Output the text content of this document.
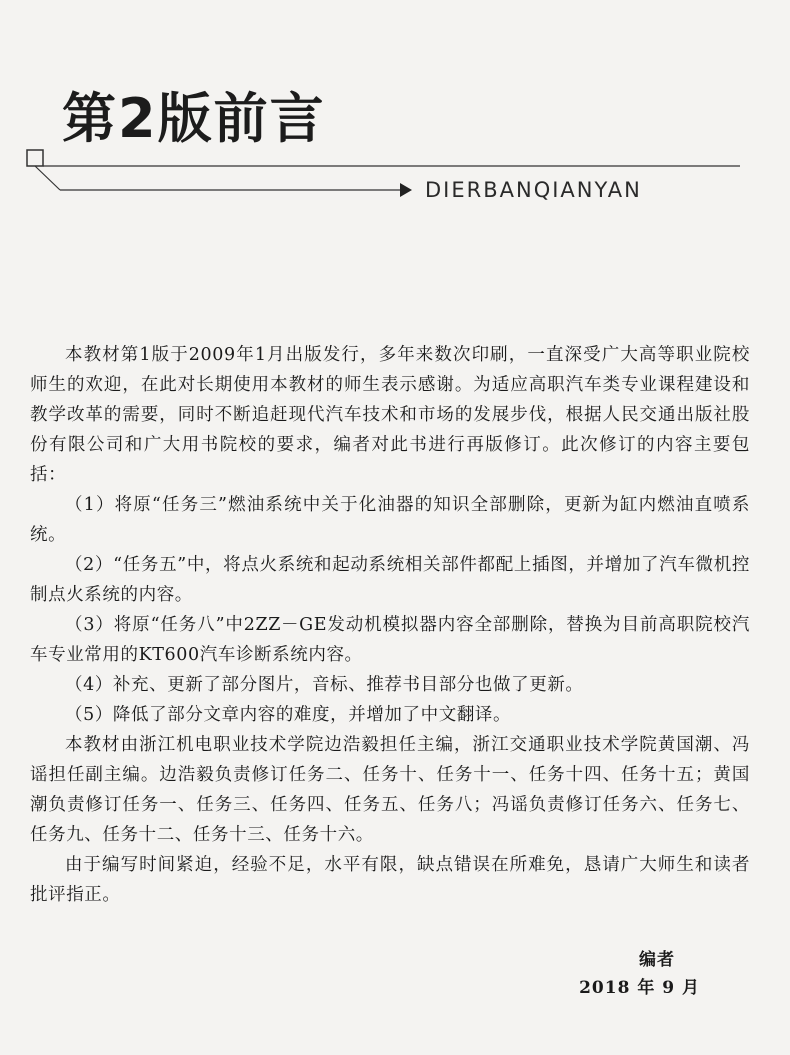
第2版前言
DIERBANQIANYAN

本教材第1版于2009年1月出版发行，多年来数次印刷，一直深受广大高等职业院校师生的欢迎，在此对长期使用本教材的师生表示感谢。为适应高职汽车类专业课程建设和教学改革的需要，同时不断追赶现代汽车技术和市场的发展步伐，根据人民交通出版社股份有限公司和广大用书院校的要求，编者对此书进行再版修订。此次修订的内容主要包括：

（1）将原“任务三”燃油系统中关于化油器的知识全部删除，更新为缸内燃油直喷系统。

（2）“任务五”中，将点火系统和起动系统相关部件都配上插图，并增加了汽车微机控制点火系统的内容。

（3）将原“任务八”中2ZZ－GE发动机模拟器内容全部删除，替换为目前高职院校汽车专业常用的KT600汽车诊断系统内容。

（4）补充、更新了部分图片，音标、推荐书目部分也做了更新。

（5）降低了部分文章内容的难度，并增加了中文翻译。

本教材由浙江机电职业技术学院边浩毅担任主编，浙江交通职业技术学院黄国潮、冯谣担任副主编。边浩毅负责修订任务二、任务十、任务十一、任务十四、任务十五；黄国潮负责修订任务一、任务三、任务四、任务五、任务八；冯谣负责修订任务六、任务七、任务九、任务十二、任务十三、任务十六。

由于编写时间紧迫，经验不足，水平有限，缺点错误在所难免，恳请广大师生和读者批评指正。

编者
2018 年 9 月
